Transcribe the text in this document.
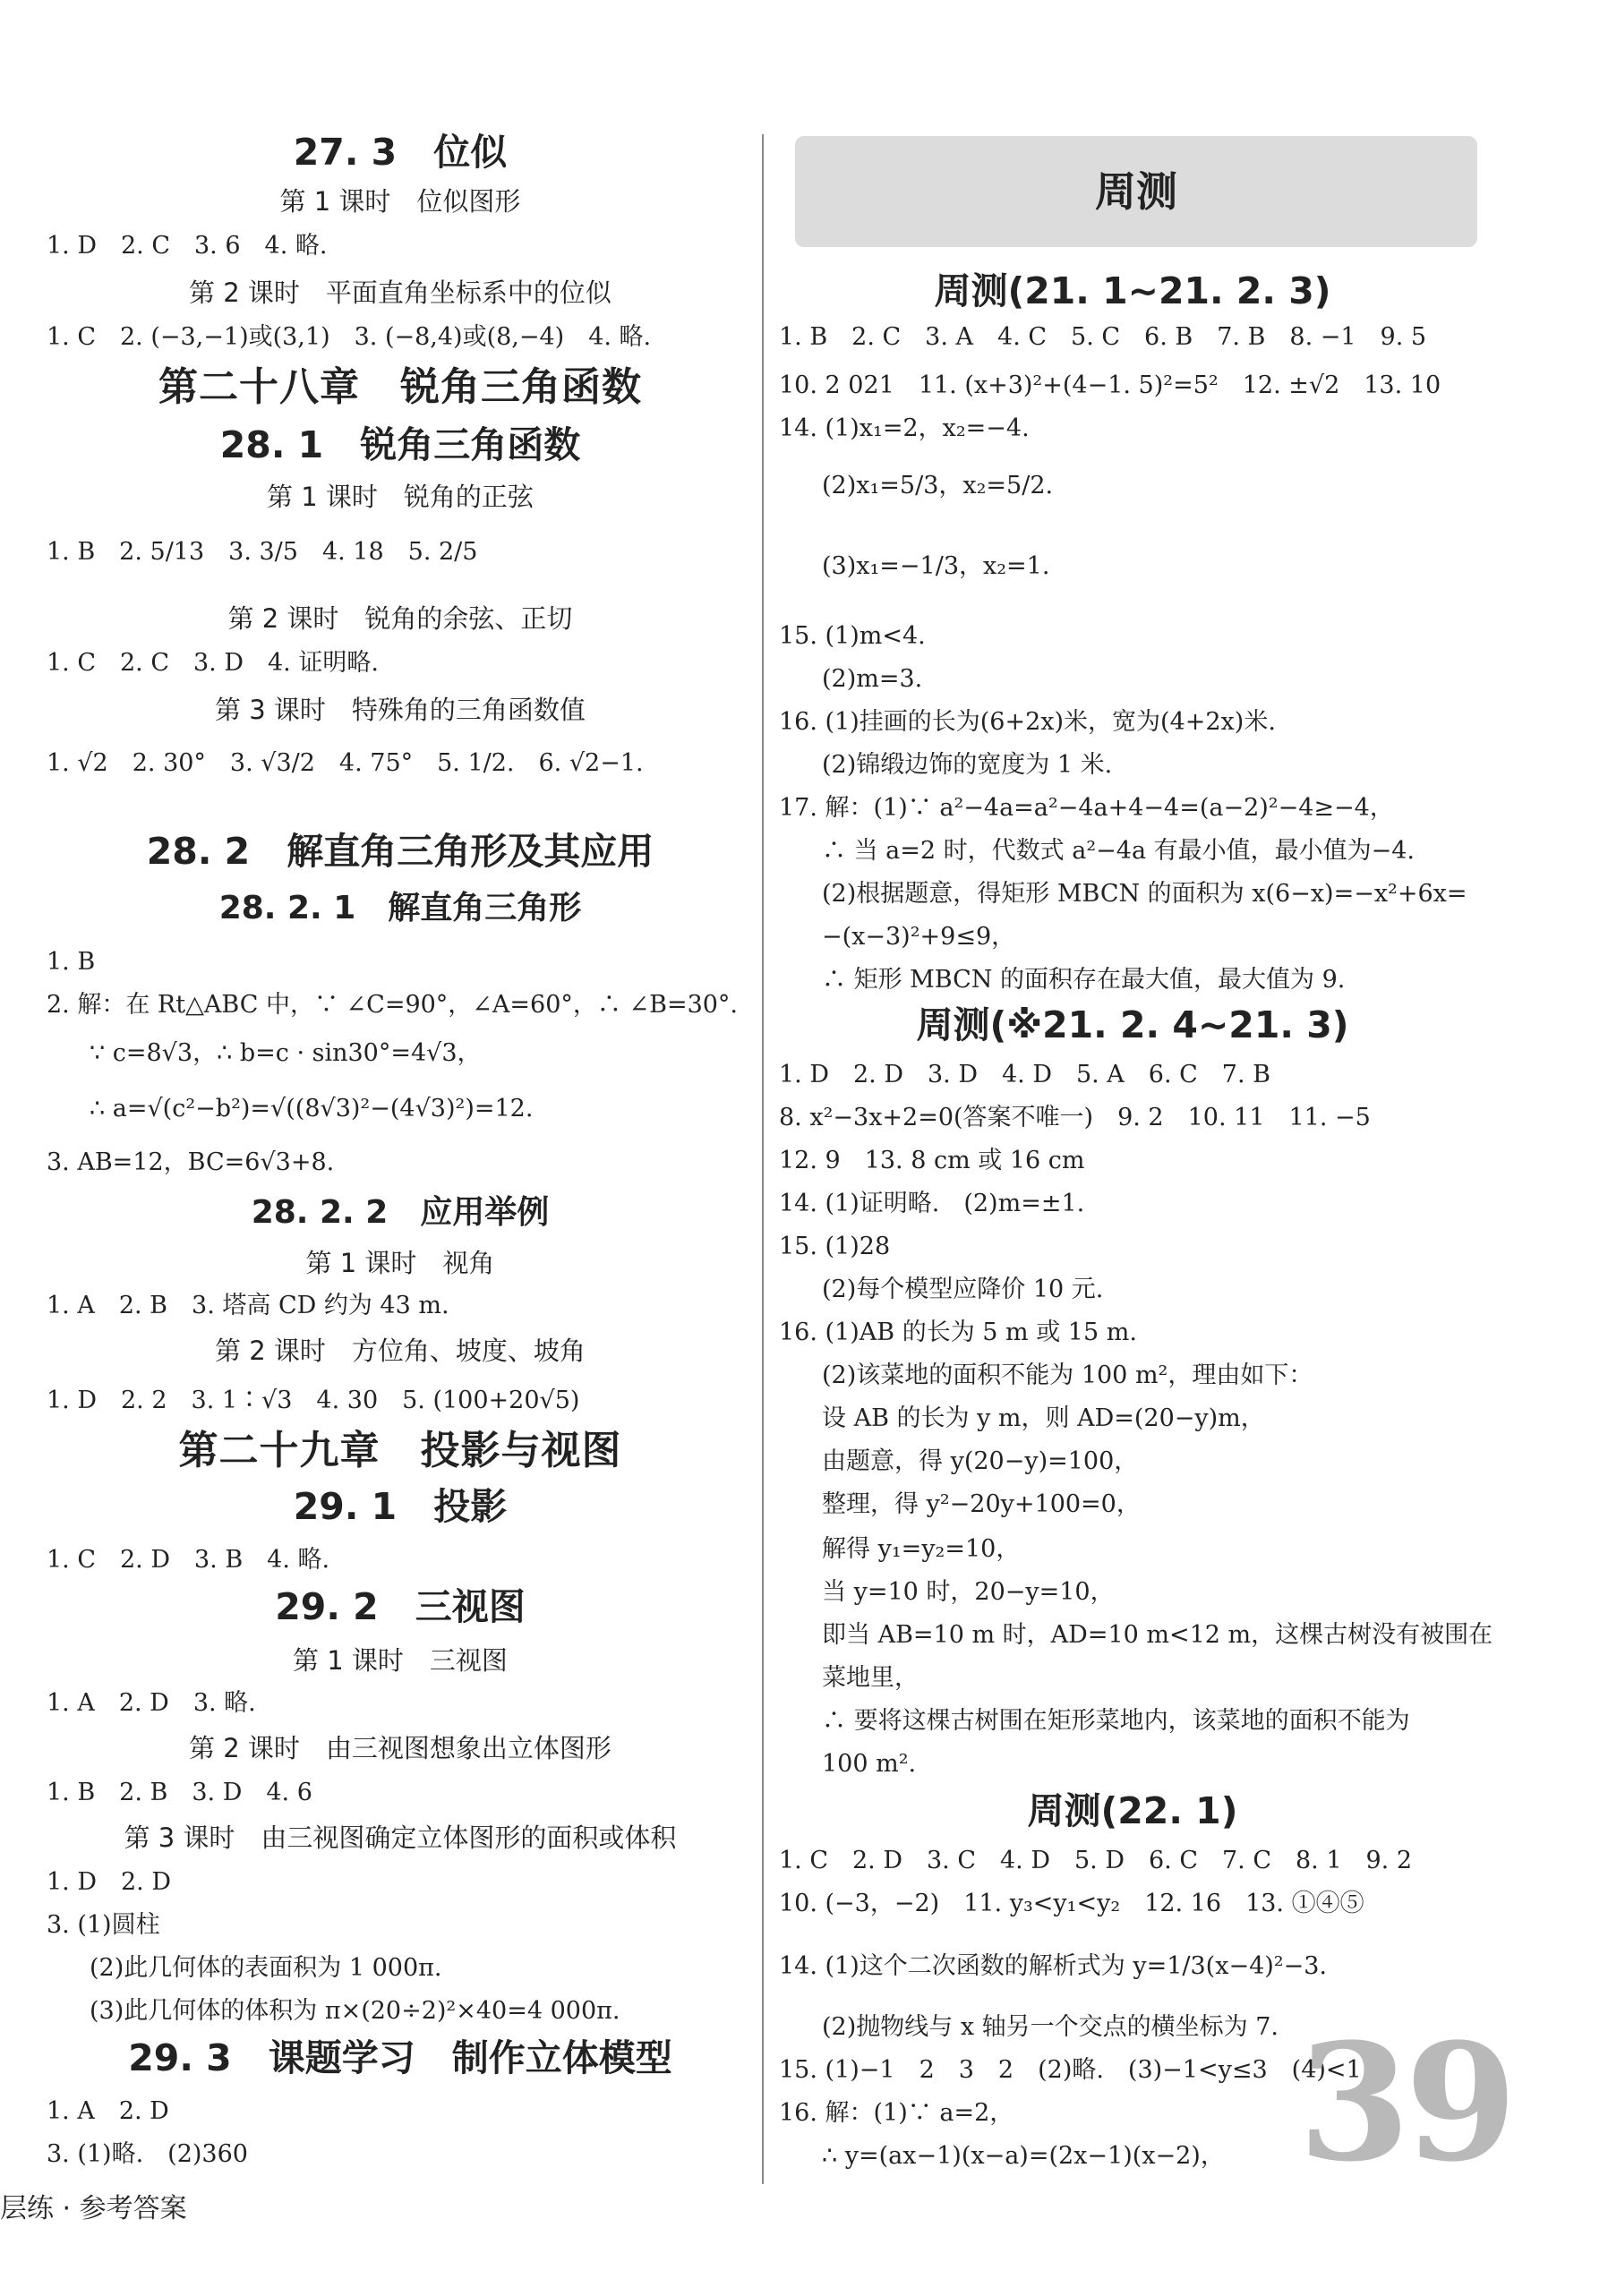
27. 3　位似
第 1 课时　位似图形
1. D　2. C　3. 6　4. 略.
第 2 课时　平面直角坐标系中的位似
1. C　2. (−3,−1)或(3,1)　3. (−8,4)或(8,−4)　4. 略.
第二十八章　锐角三角函数
28. 1　锐角三角函数
第 1 课时　锐角的正弦
1. B　2. 5/13　3. 3/5　4. 18　5. 2/5
第 2 课时　锐角的余弦、正切
1. C　2. C　3. D　4. 证明略.
第 3 课时　特殊角的三角函数值
1. √2　2. 30°　3. √3/2　4. 75°　5. 1/2.　6. √2−1.
28. 2　解直角三角形及其应用
28. 2. 1　解直角三角形
1. B
2. 解：在 Rt△ABC 中，∵ ∠C=90°，∠A=60°，∴ ∠B=30°.
∵ c=8√3，∴ b=c · sin30°=4√3，
∴ a=√(c²−b²)=√((8√3)²−(4√3)²)=12.
3. AB=12，BC=6√3+8.
28. 2. 2　应用举例
第 1 课时　视角
1. A　2. B　3. 塔高 CD 约为 43 m.
第 2 课时　方位角、坡度、坡角
1. D　2. 2　3. 1∶√3　4. 30　5. (100+20√5)
第二十九章　投影与视图
29. 1　投影
1. C　2. D　3. B　4. 略.
29. 2　三视图
第 1 课时　三视图
1. A　2. D　3. 略.
第 2 课时　由三视图想象出立体图形
1. B　2. B　3. D　4. 6
第 3 课时　由三视图确定立体图形的面积或体积
1. D　2. D
3. (1)圆柱
(2)此几何体的表面积为 1 000π.
(3)此几何体的体积为 π×(20÷2)²×40=4 000π.
29. 3　课题学习　制作立体模型
1. A　2. D
3. (1)略.　(2)360
周测
周测(21. 1~21. 2. 3)
1. B　2. C　3. A　4. C　5. C　6. B　7. B　8. −1　9. 5
10. 2 021　11. (x+3)²+(4−1. 5)²=5²　12. ±√2　13. 10
14. (1)x₁=2，x₂=−4.
(2)x₁=5/3，x₂=5/2.
(3)x₁=−1/3，x₂=1.
15. (1)m<4.
(2)m=3.
16. (1)挂画的长为(6+2x)米，宽为(4+2x)米.
(2)锦缎边饰的宽度为 1 米.
17. 解：(1)∵ a²−4a=a²−4a+4−4=(a−2)²−4≥−4，
∴ 当 a=2 时，代数式 a²−4a 有最小值，最小值为−4.
(2)根据题意，得矩形 MBCN 的面积为 x(6−x)=−x²+6x=
−(x−3)²+9≤9，
∴ 矩形 MBCN 的面积存在最大值，最大值为 9.
周测(※21. 2. 4~21. 3)
1. D　2. D　3. D　4. D　5. A　6. C　7. B
8. x²−3x+2=0(答案不唯一)　9. 2　10. 11　11. −5
12. 9　13. 8 cm 或 16 cm
14. (1)证明略.　(2)m=±1.
15. (1)28
(2)每个模型应降价 10 元.
16. (1)AB 的长为 5 m 或 15 m.
(2)该菜地的面积不能为 100 m²，理由如下：
设 AB 的长为 y m，则 AD=(20−y)m，
由题意，得 y(20−y)=100，
整理，得 y²−20y+100=0，
解得 y₁=y₂=10，
当 y=10 时，20−y=10，
即当 AB=10 m 时，AD=10 m<12 m，这棵古树没有被围在
菜地里，
∴ 要将这棵古树围在矩形菜地内，该菜地的面积不能为
100 m².
周测(22. 1)
1. C　2. D　3. C　4. D　5. D　6. C　7. C　8. 1　9. 2
10. (−3，−2)　11. y₃<y₁<y₂　12. 16　13. ①④⑤
14. (1)这个二次函数的解析式为 y=1/3(x−4)²−3.
(2)抛物线与 x 轴另一个交点的横坐标为 7.
15. (1)−1　2　3　2　(2)略.　(3)−1<y≤3　(4)<1
16. 解：(1)∵ a=2，
∴ y=(ax−1)(x−a)=(2x−1)(x−2)， 39
层练 · 参考答案
